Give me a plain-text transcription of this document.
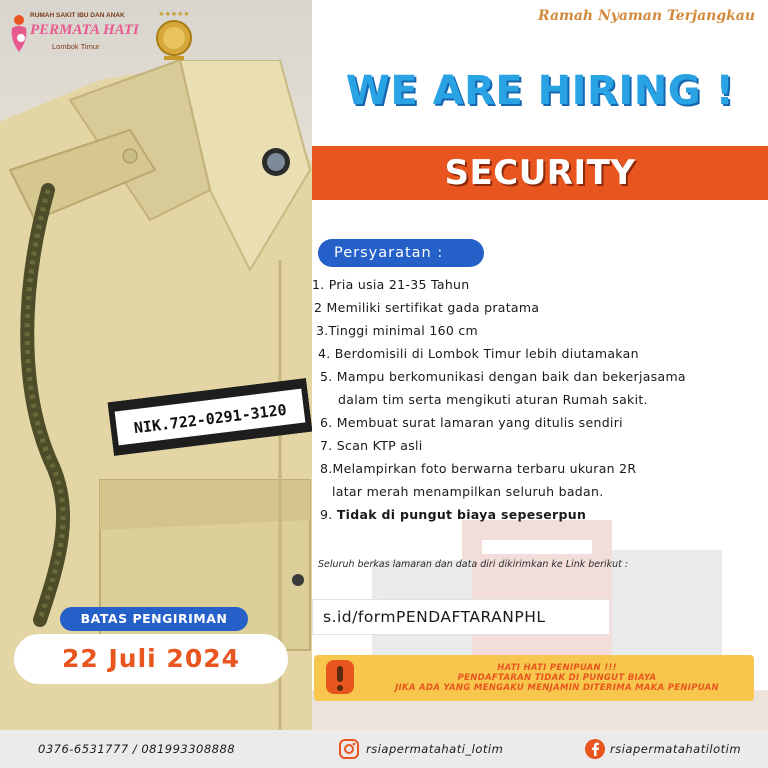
RUMAH SAKIT IBU DAN ANAK
PERMATA HATI
Lombok Timur
★★★★★
NIK.722-0291-3120
BATAS PENGIRIMAN
22 Juli 2024
Ramah Nyaman Terjangkau
WE ARE HIRING !
SECURITY
Persyaratan :
1. Pria usia 21-35 Tahun
2 Memiliki sertifikat gada pratama
3.Tinggi minimal 160 cm
4. Berdomisili di Lombok Timur lebih diutamakan
5. Mampu berkomunikasi dengan baik dan bekerjasama
dalam tim serta mengikuti aturan Rumah sakit.
6. Membuat surat lamaran yang ditulis sendiri
7. Scan KTP asli
8.Melampirkan foto berwarna terbaru ukuran 2R
latar merah menampilkan seluruh badan.
9. Tidak di pungut biaya sepeserpun
Seluruh berkas lamaran dan data diri dikirimkan ke Link berikut :
s.id/formPENDAFTARANPHL
HATI HATI PENIPUAN !!!
PENDAFTARAN TIDAK DI PUNGUT BIAYA
JIKA ADA YANG MENGAKU MENJAMIN DITERIMA MAKA PENIPUAN
0376-6531777 / 081993308888	rsiapermatahati_lotim	rsiapermatahatilotim
